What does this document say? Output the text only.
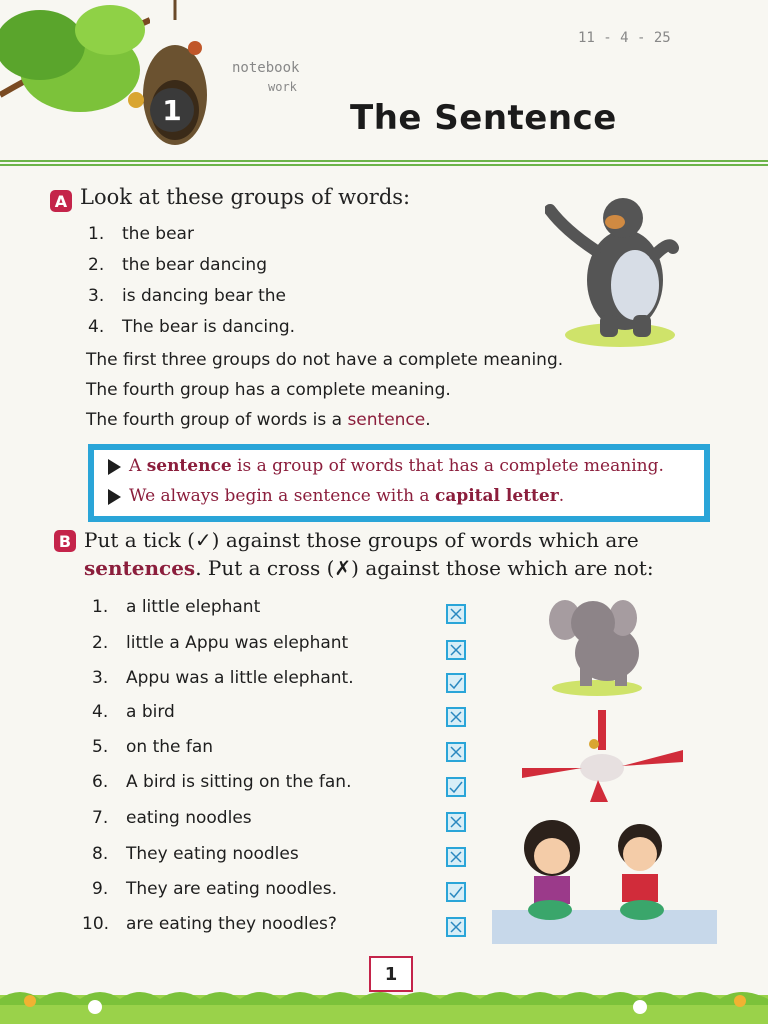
1
11 - 4 - 25
notebook
work
The Sentence
A Look at these groups of words:
1. the bear
2. the bear dancing
3. is dancing bear the
4. The bear is dancing.
The first three groups do not have a complete meaning.
The fourth group has a complete meaning.
The fourth group of words is a sentence.
A sentence is a group of words that has a complete meaning.
We always begin a sentence with a capital letter.
B Put a tick (✓) against those groups of words which are sentences. Put a cross (✗) against those which are not:
1. a little elephant
2. little a Appu was elephant
3. Appu was a little elephant.
4. a bird
5. on the fan
6. A bird is sitting on the fan.
7. eating noodles
8. They eating noodles
9. They are eating noodles.
10. are eating they noodles?
1
